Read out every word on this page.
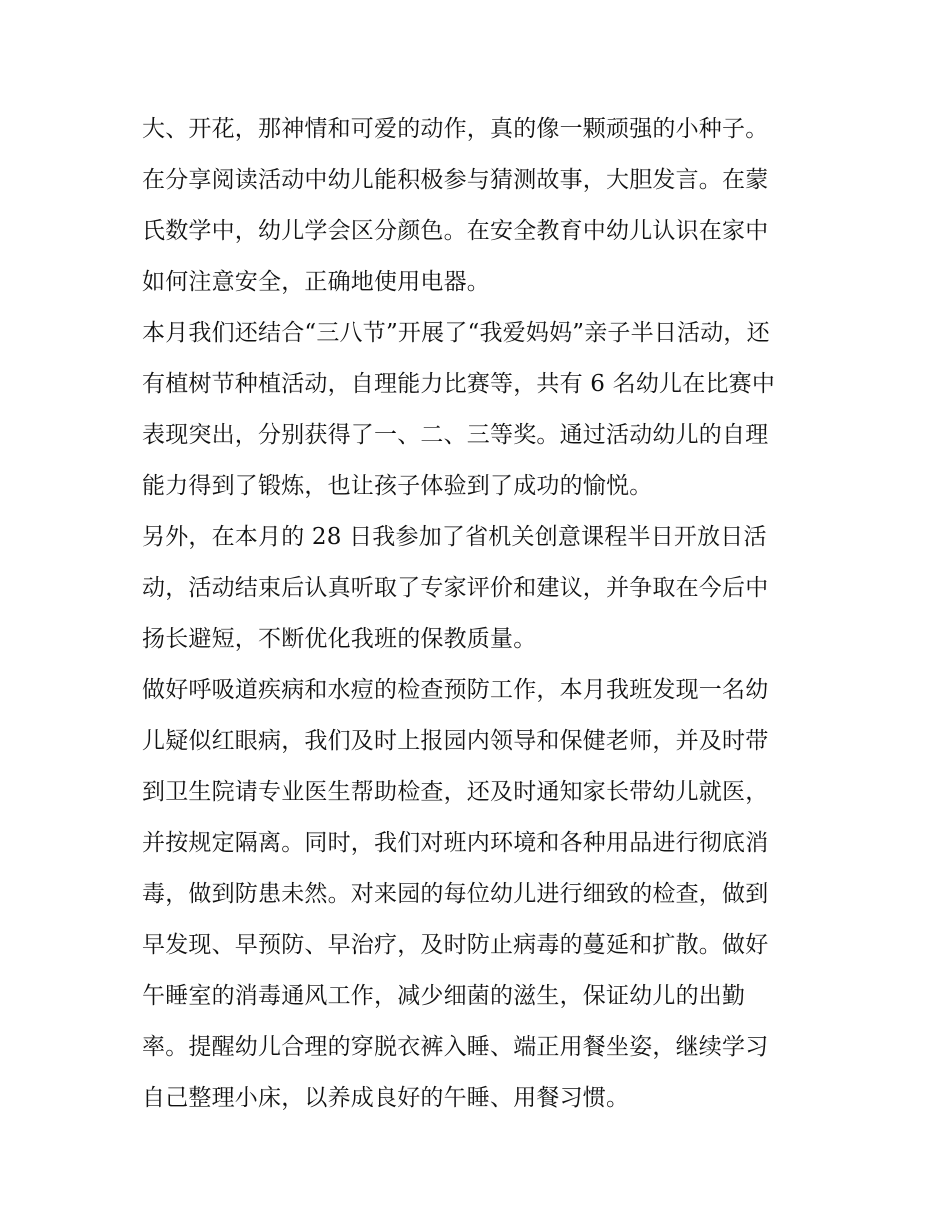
大、开花，那神情和可爱的动作，真的像一颗顽强的小种子。
在分享阅读活动中幼儿能积极参与猜测故事，大胆发言。在蒙
氏数学中，幼儿学会区分颜色。在安全教育中幼儿认识在家中
如何注意安全，正确地使用电器。
本月我们还结合“三八节”开展了“我爱妈妈”亲子半日活动，还
有植树节种植活动，自理能力比赛等，共有 6 名幼儿在比赛中
表现突出，分别获得了一、二、三等奖。通过活动幼儿的自理
能力得到了锻炼，也让孩子体验到了成功的愉悦。
另外，在本月的 28 日我参加了省机关创意课程半日开放日活
动，活动结束后认真听取了专家评价和建议，并争取在今后中
扬长避短，不断优化我班的保教质量。
做好呼吸道疾病和水痘的检查预防工作，本月我班发现一名幼
儿疑似红眼病，我们及时上报园内领导和保健老师，并及时带
到卫生院请专业医生帮助检查，还及时通知家长带幼儿就医，
并按规定隔离。同时，我们对班内环境和各种用品进行彻底消
毒，做到防患未然。对来园的每位幼儿进行细致的检查，做到
早发现、早预防、早治疗，及时防止病毒的蔓延和扩散。做好
午睡室的消毒通风工作，减少细菌的滋生，保证幼儿的出勤
率。提醒幼儿合理的穿脱衣裤入睡、端正用餐坐姿，继续学习
自己整理小床，以养成良好的午睡、用餐习惯。
